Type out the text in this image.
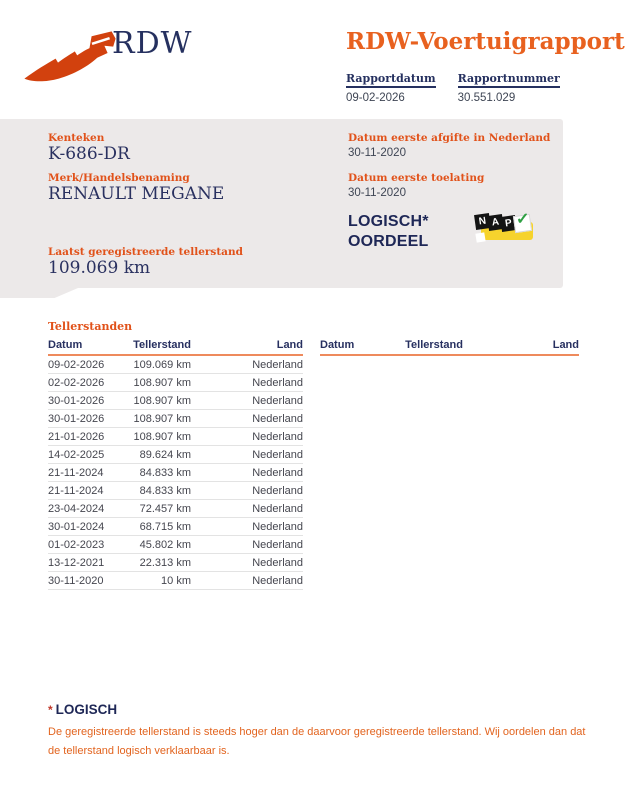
RDW	RDW-Voertuigrapport
Rapportdatum
09-02-2026
Rapportnummer
30.551.029
Kenteken
K-686-DR
Merk/Handelsbenaming
RENAULT MEGANE
Laatst geregistreerde tellerstand
109.069 km
Datum eerste afgifte in Nederland
30-11-2020
Datum eerste toelating
30-11-2020
LOGISCH*
OORDEEL
N A P ✓
Tellerstanden
Datum	Tellerstand	Land
09-02-2026	109.069 km	Nederland
02-02-2026	108.907 km	Nederland
30-01-2026	108.907 km	Nederland
30-01-2026	108.907 km	Nederland
21-01-2026	108.907 km	Nederland
14-02-2025	89.624 km	Nederland
21-11-2024	84.833 km	Nederland
21-11-2024	84.833 km	Nederland
23-04-2024	72.457 km	Nederland
30-01-2024	68.715 km	Nederland
01-02-2023	45.802 km	Nederland
13-12-2021	22.313 km	Nederland
30-11-2020	10 km	Nederland
Datum	Tellerstand	Land
* LOGISCH
De geregistreerde tellerstand is steeds hoger dan de daarvoor geregistreerde tellerstand. Wij oordelen dan dat de tellerstand logisch verklaarbaar is.
